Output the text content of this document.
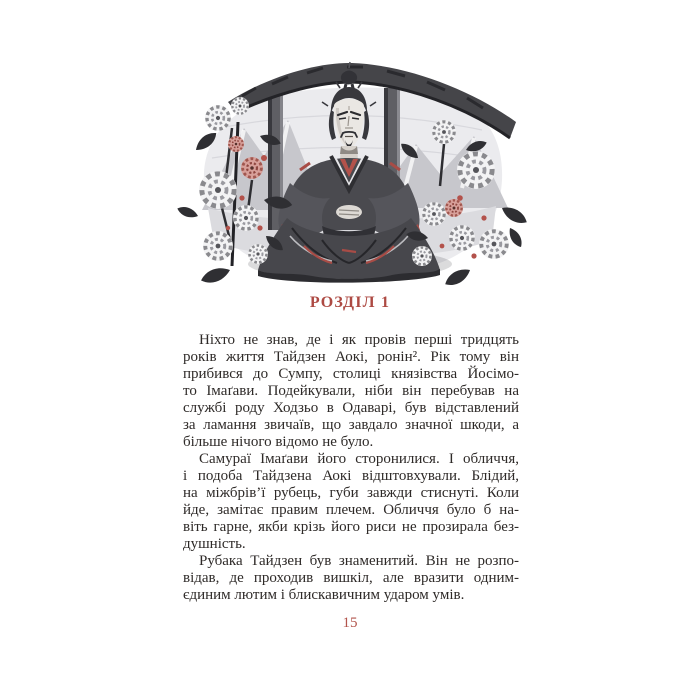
РОЗДІЛ 1

Ніхто не знав, де і як провів перші тридцять
років життя Тайдзен Аокі, ронін². Рік тому він
прибився до Сумпу, столиці князівства Йосімо-
то Імаґави. Подейкували, ніби він перебував на
службі роду Ходзьо в Одаварі, був відставлений
за ламання звичаїв, що завдало значної шкоди, а
більше нічого відомо не було.

Самураї Імаґави його сторонилися. І обличчя,
і подоба Тайдзена Аокі відштовхували. Блідий,
на міжбрів’ї рубець, губи завжди стиснуті. Коли
йде, замітає правим плечем. Обличчя було б на-
віть гарне, якби крізь його риси не прозирала без-
душність.

Рубака Тайдзен був знаменитий. Він не розпо-
відав, де проходив вишкіл, але вразити одним-
єдиним лютим і блискавичним ударом умів.

15
